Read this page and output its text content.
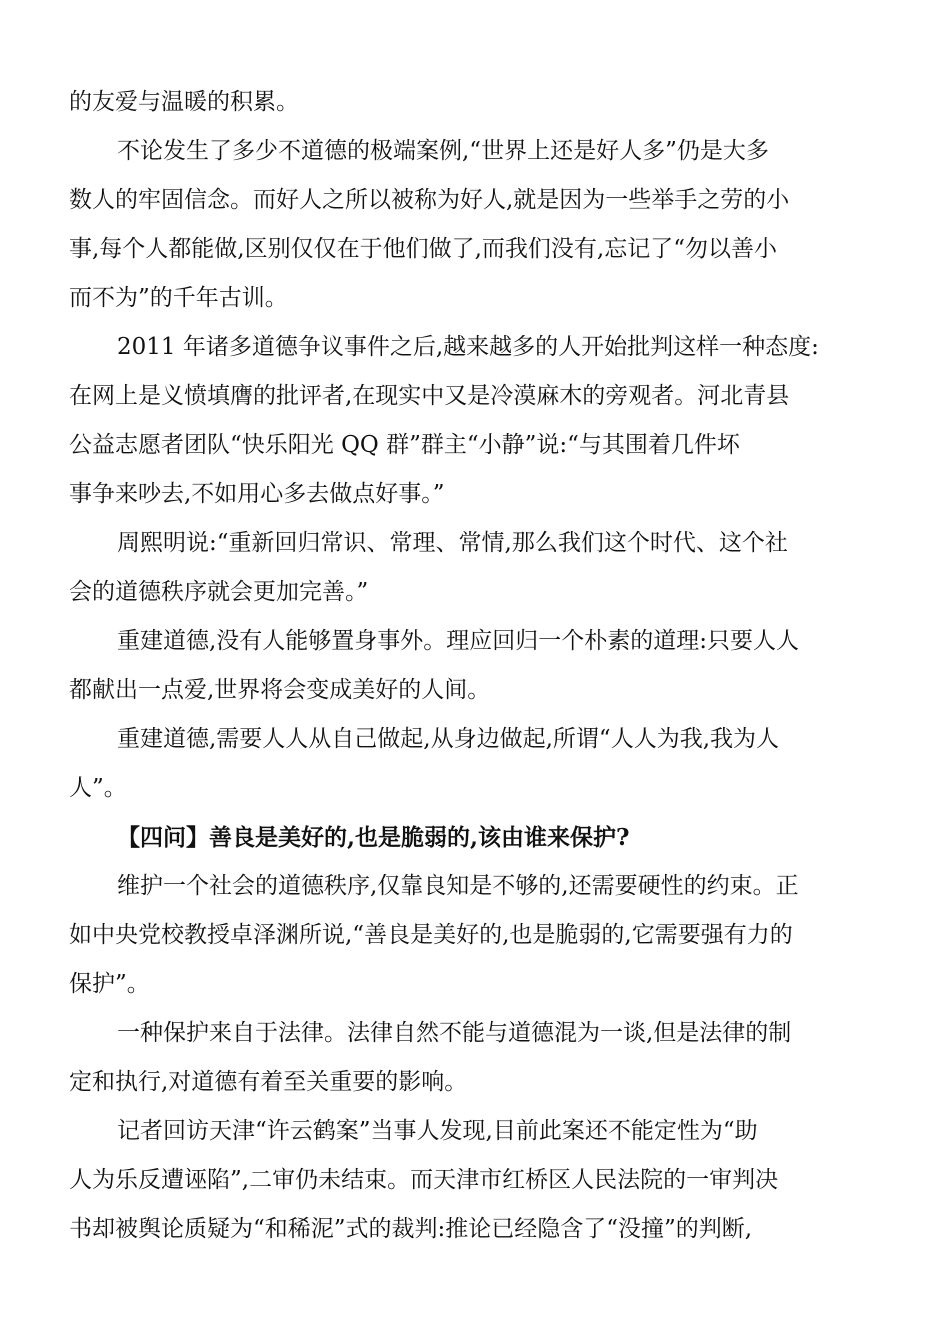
的友爱与温暖的积累。

不论发生了多少不道德的极端案例,“世界上还是好人多”仍是大多
数人的牢固信念。而好人之所以被称为好人,就是因为一些举手之劳的小
事,每个人都能做,区别仅仅在于他们做了,而我们没有,忘记了“勿以善小
而不为”的千年古训。

2011 年诸多道德争议事件之后,越来越多的人开始批判这样一种态度:
在网上是义愤填膺的批评者,在现实中又是冷漠麻木的旁观者。河北青县
公益志愿者团队“快乐阳光 QQ 群”群主“小静”说:“与其围着几件坏
事争来吵去,不如用心多去做点好事。”

周熙明说:“重新回归常识、常理、常情,那么我们这个时代、这个社
会的道德秩序就会更加完善。”

重建道德,没有人能够置身事外。理应回归一个朴素的道理:只要人人
都献出一点爱,世界将会变成美好的人间。

重建道德,需要人人从自己做起,从身边做起,所谓“人人为我,我为人
人”。

【四问】善良是美好的,也是脆弱的,该由谁来保护?

维护一个社会的道德秩序,仅靠良知是不够的,还需要硬性的约束。正
如中央党校教授卓泽渊所说,“善良是美好的,也是脆弱的,它需要强有力的
保护”。

一种保护来自于法律。法律自然不能与道德混为一谈,但是法律的制
定和执行,对道德有着至关重要的影响。

记者回访天津“许云鹤案”当事人发现,目前此案还不能定性为“助
人为乐反遭诬陷”,二审仍未结束。而天津市红桥区人民法院的一审判决
书却被舆论质疑为“和稀泥”式的裁判:推论已经隐含了“没撞”的判断,
